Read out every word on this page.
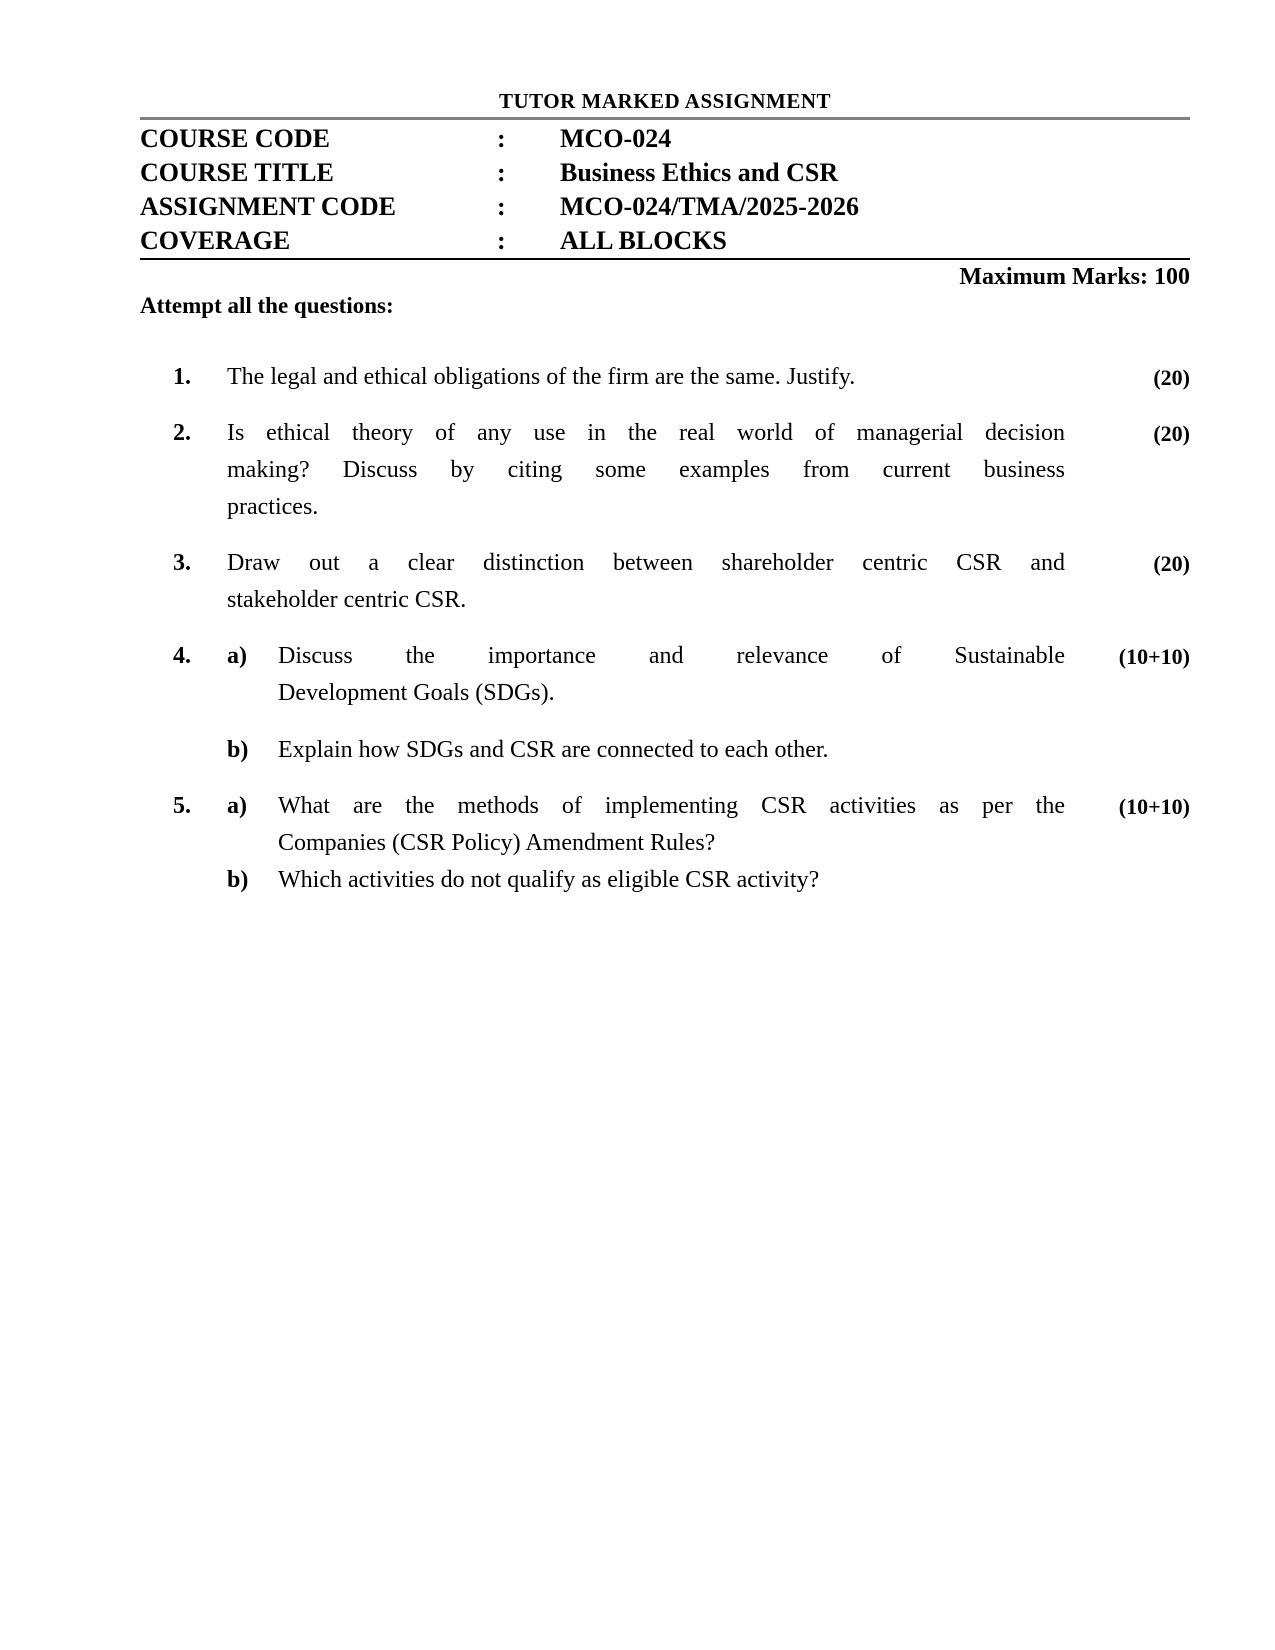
TUTOR MARKED ASSIGNMENT
COURSE CODE	:	MCO-024
COURSE TITLE	:	Business Ethics and CSR
ASSIGNMENT CODE	:	MCO-024/TMA/2025-2026
COVERAGE	:	ALL BLOCKS
Maximum Marks: 100
Attempt all the questions:
1.	The legal and ethical obligations of the firm are the same. Justify.	(20)
2.	Is ethical theory of any use in the real world of managerial decision
making? Discuss by citing some examples from current business
practices.
(20)
3.	Draw out a clear distinction between shareholder centric CSR and
stakeholder centric CSR.
(20)
4.	a)	Discuss the importance and relevance of Sustainable
Development Goals (SDGs).
b)	Explain how SDGs and CSR are connected to each other.
(10+10)
5.	a)	What are the methods of implementing CSR activities as per the
Companies (CSR Policy) Amendment Rules?
b)	Which activities do not qualify as eligible CSR activity?
(10+10)
